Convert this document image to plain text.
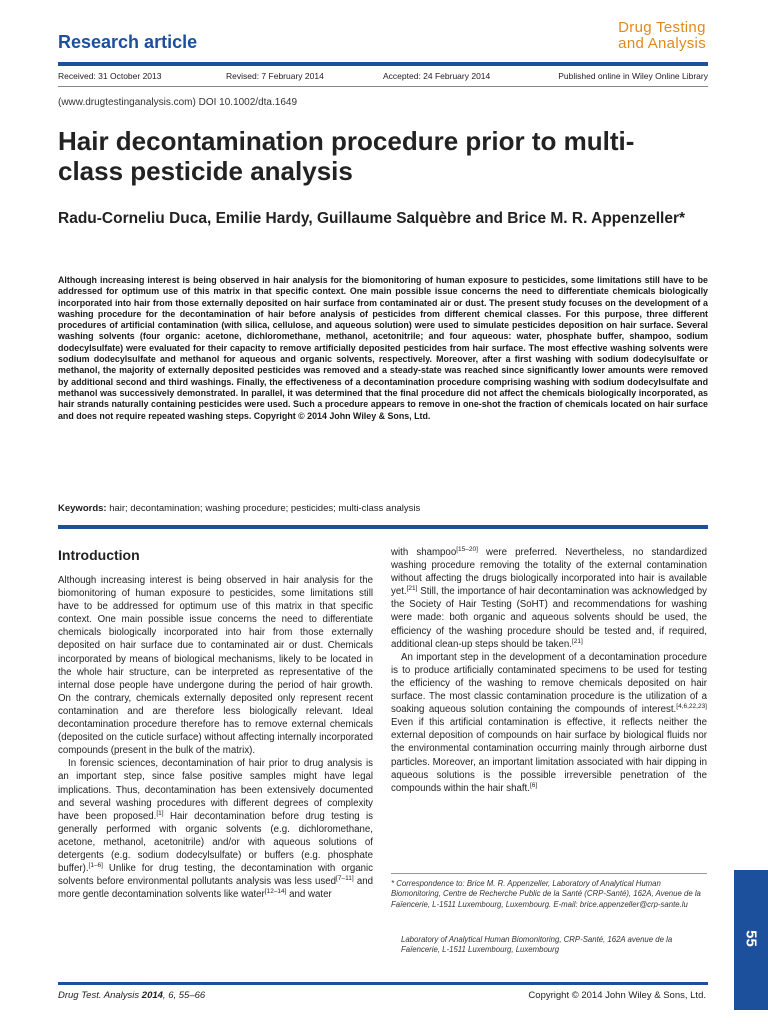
Research article
Drug Testing
and Analysis
Received: 31 October 2013	Revised: 7 February 2014	Accepted: 24 February 2014	Published online in Wiley Online Library
(www.drugtestinganalysis.com) DOI 10.1002/dta.1649
Hair decontamination procedure prior to multi-class pesticide analysis
Radu-Corneliu Duca, Emilie Hardy, Guillaume Salquèbre and Brice M. R. Appenzeller*
Although increasing interest is being observed in hair analysis for the biomonitoring of human exposure to pesticides, some limitations still have to be addressed for optimum use of this matrix in that specific context. One main possible issue concerns the need to differentiate chemicals biologically incorporated into hair from those externally deposited on hair surface from contaminated air or dust. The present study focuses on the development of a washing procedure for the decontamination of hair before analysis of pesticides from different chemical classes. For this purpose, three different procedures of artificial contamination (with silica, cellulose, and aqueous solution) were used to simulate pesticides deposition on hair surface. Several washing solvents (four organic: acetone, dichloromethane, methanol, acetonitrile; and four aqueous: water, phosphate buffer, shampoo, sodium dodecylsulfate) were evaluated for their capacity to remove artificially deposited pesticides from hair surface. The most effective washing solvents were sodium dodecylsulfate and methanol for aqueous and organic solvents, respectively. Moreover, after a first washing with sodium dodecylsulfate or methanol, the majority of externally deposited pesticides was removed and a steady-state was reached since significantly lower amounts were removed by additional second and third washings. Finally, the effectiveness of a decontamination procedure comprising washing with sodium dodecylsulfate and methanol was successively demonstrated. In parallel, it was determined that the final procedure did not affect the chemicals biologically incorporated, as hair strands naturally containing pesticides were used. Such a procedure appears to remove in one-shot the fraction of chemicals located on hair surface and does not require repeated washing steps. Copyright © 2014 John Wiley & Sons, Ltd.
Keywords: hair; decontamination; washing procedure; pesticides; multi-class analysis
Introduction

Although increasing interest is being observed in hair analysis for the biomonitoring of human exposure to pesticides, some limitations still have to be addressed for optimum use of this matrix in that specific context. One main possible issue concerns the need to differentiate chemicals biologically incorporated into hair from those externally deposited on hair surface due to contaminated air or dust. Chemicals incorporated by means of biological mechanisms, likely to be located in the whole hair structure, can be interpreted as representative of the internal dose people have undergone during the period of hair growth. On the contrary, chemicals externally deposited only represent recent contamination and are therefore less biologically relevant. Ideal decontamination procedure therefore has to remove external chemicals (deposited on the cuticle surface) without affecting internally incorporated compounds (present in the bulk of the matrix).

In forensic sciences, decontamination of hair prior to drug analysis is an important step, since false positive samples might have legal implications. Thus, decontamination has been extensively documented and several washing procedures with different degrees of complexity have been proposed.[1] Hair decontamination before drug testing is generally performed with organic solvents (e.g. dichloromethane, acetone, methanol, acetonitrile) and/or with aqueous solutions of detergents (e.g. sodium dodecylsulfate) or buffers (e.g. phosphate buffer).[1–6] Unlike for drug testing, the decontamination with organic solvents before environmental pollutants analysis was less used[7–11] and more gentle decontamination solvents like water[12–14] and water

with shampoo[15–20] were preferred. Nevertheless, no standardized washing procedure removing the totality of the external contamination without affecting the drugs biologically incorporated into hair is available yet.[21] Still, the importance of hair decontamination was acknowledged by the Society of Hair Testing (SoHT) and recommendations for washing were made: both organic and aqueous solvents should be used, the efficiency of the washing procedure should be tested and, if required, additional clean-up steps should be taken.[21]

An important step in the development of a decontamination procedure is to produce artificially contaminated specimens to be used for testing the efficiency of the washing to remove chemicals deposited on hair surface. The most classic contamination procedure is the utilization of a soaking aqueous solution containing the compounds of interest.[4,6,22,23] Even if this artificial contamination is effective, it reflects neither the external deposition of compounds on hair surface by biological fluids nor the environmental contamination occurring mainly through airborne dust particles. Moreover, an important limitation associated with hair dipping in aqueous solutions is the possible irreversible penetration of the compounds within the hair shaft.[6]

* Correspondence to: Brice M. R. Appenzeller, Laboratory of Analytical Human Biomonitoring, Centre de Recherche Public de la Santé (CRP-Santé), 162A, Avenue de la Faïencerie, L-1511 Luxembourg, Luxembourg. E-mail: brice.appenzeller@crp-sante.lu
Laboratory of Analytical Human Biomonitoring, CRP-Santé, 162A avenue de la Faïencerie, L-1511 Luxembourg, Luxembourg
Drug Test. Analysis 2014, 6, 55–66	Copyright © 2014 John Wiley & Sons, Ltd.
55
